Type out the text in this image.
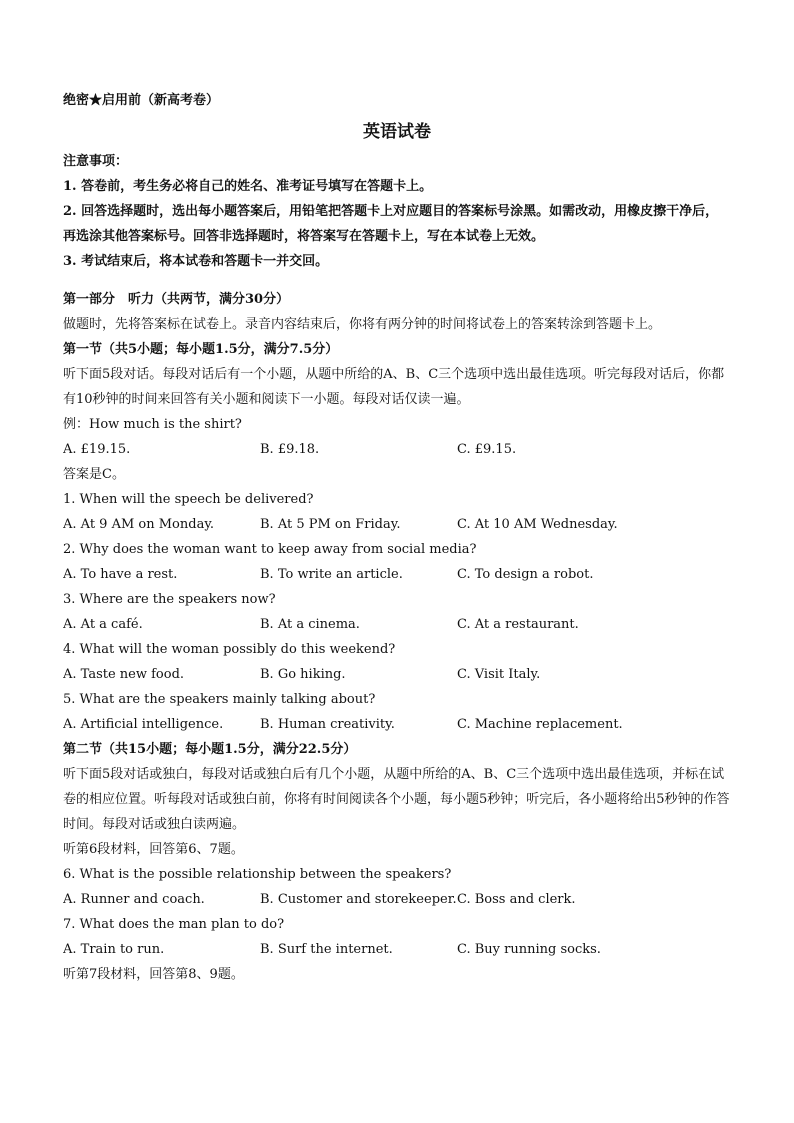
绝密★启用前（新高考卷）
英语试卷
注意事项：
1. 答卷前，考生务必将自己的姓名、准考证号填写在答题卡上。
2. 回答选择题时，选出每小题答案后，用铅笔把答题卡上对应题目的答案标号涂黑。如需改动，用橡皮擦干净后，再选涂其他答案标号。回答非选择题时，将答案写在答题卡上，写在本试卷上无效。
3. 考试结束后，将本试卷和答题卡一并交回。
第一部分　听力（共两节，满分30分）
做题时，先将答案标在试卷上。录音内容结束后，你将有两分钟的时间将试卷上的答案转涂到答题卡上。
第一节（共5小题；每小题1.5分，满分7.5分）
听下面5段对话。每段对话后有一个小题，从题中所给的A、B、C三个选项中选出最佳选项。听完每段对话后，你都有10秒钟的时间来回答有关小题和阅读下一小题。每段对话仅读一遍。
例：How much is the shirt?
A. £19.15.	B. £9.18.	C. £9.15.
答案是C。
1. When will the speech be delivered?
A. At 9 AM on Monday.	B. At 5 PM on Friday.	C. At 10 AM Wednesday.
2. Why does the woman want to keep away from social media?
A. To have a rest.	B. To write an article.	C. To design a robot.
3. Where are the speakers now?
A. At a café.	B. At a cinema.	C. At a restaurant.
4. What will the woman possibly do this weekend?
A. Taste new food.	B. Go hiking.	C. Visit Italy.
5. What are the speakers mainly talking about?
A. Artificial intelligence.	B. Human creativity.	C. Machine replacement.
第二节（共15小题；每小题1.5分，满分22.5分）
听下面5段对话或独白，每段对话或独白后有几个小题，从题中所给的A、B、C三个选项中选出最佳选项，并标在试卷的相应位置。听每段对话或独白前，你将有时间阅读各个小题，每小题5秒钟；听完后，各小题将给出5秒钟的作答时间。每段对话或独白读两遍。
听第6段材料，回答第6、7题。
6. What is the possible relationship between the speakers?
A. Runner and coach.	B. Customer and storekeeper. C. Boss and clerk.
7. What does the man plan to do?
A. Train to run.	B. Surf the internet.	C. Buy running socks.
听第7段材料，回答第8、9题。
